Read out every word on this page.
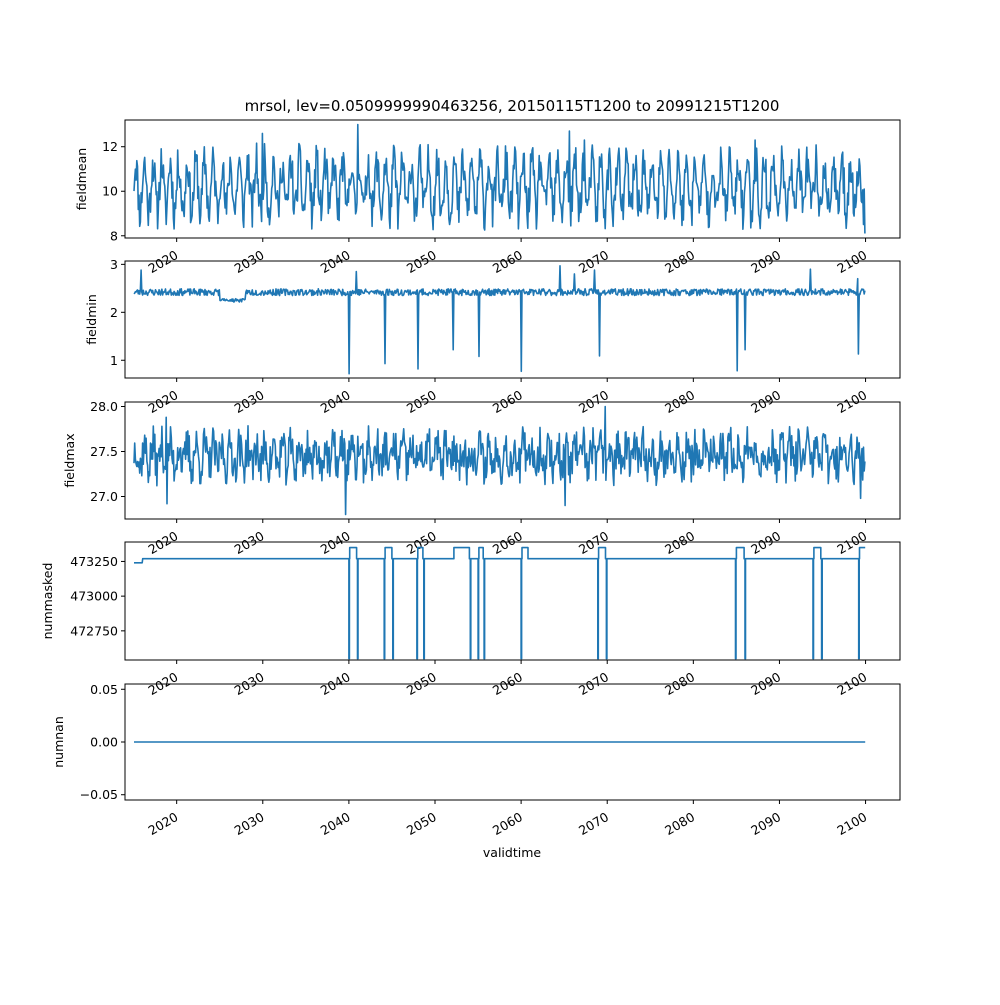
8
10
12
2020	2030	2040	2050	2060	2070	2080	2090	2100
fieldmean
1
2
3
2020	2030	2040	2050	2060	2070	2080	2090	2100
fieldmin
27.0
27.5
28.0
2020	2030	2040	2050	2060	2070	2080	2090	2100
fieldmax
472750
473000
473250
2020	2030	2040	2050	2060	2070	2080	2090	2100
nummasked
−0.05
0.00
0.05
2020	2030	2040	2050	2060	2070	2080	2090	2100
numnan
mrsol, lev=0.0509999990463256, 20150115T1200 to 20991215T1200
validtime
